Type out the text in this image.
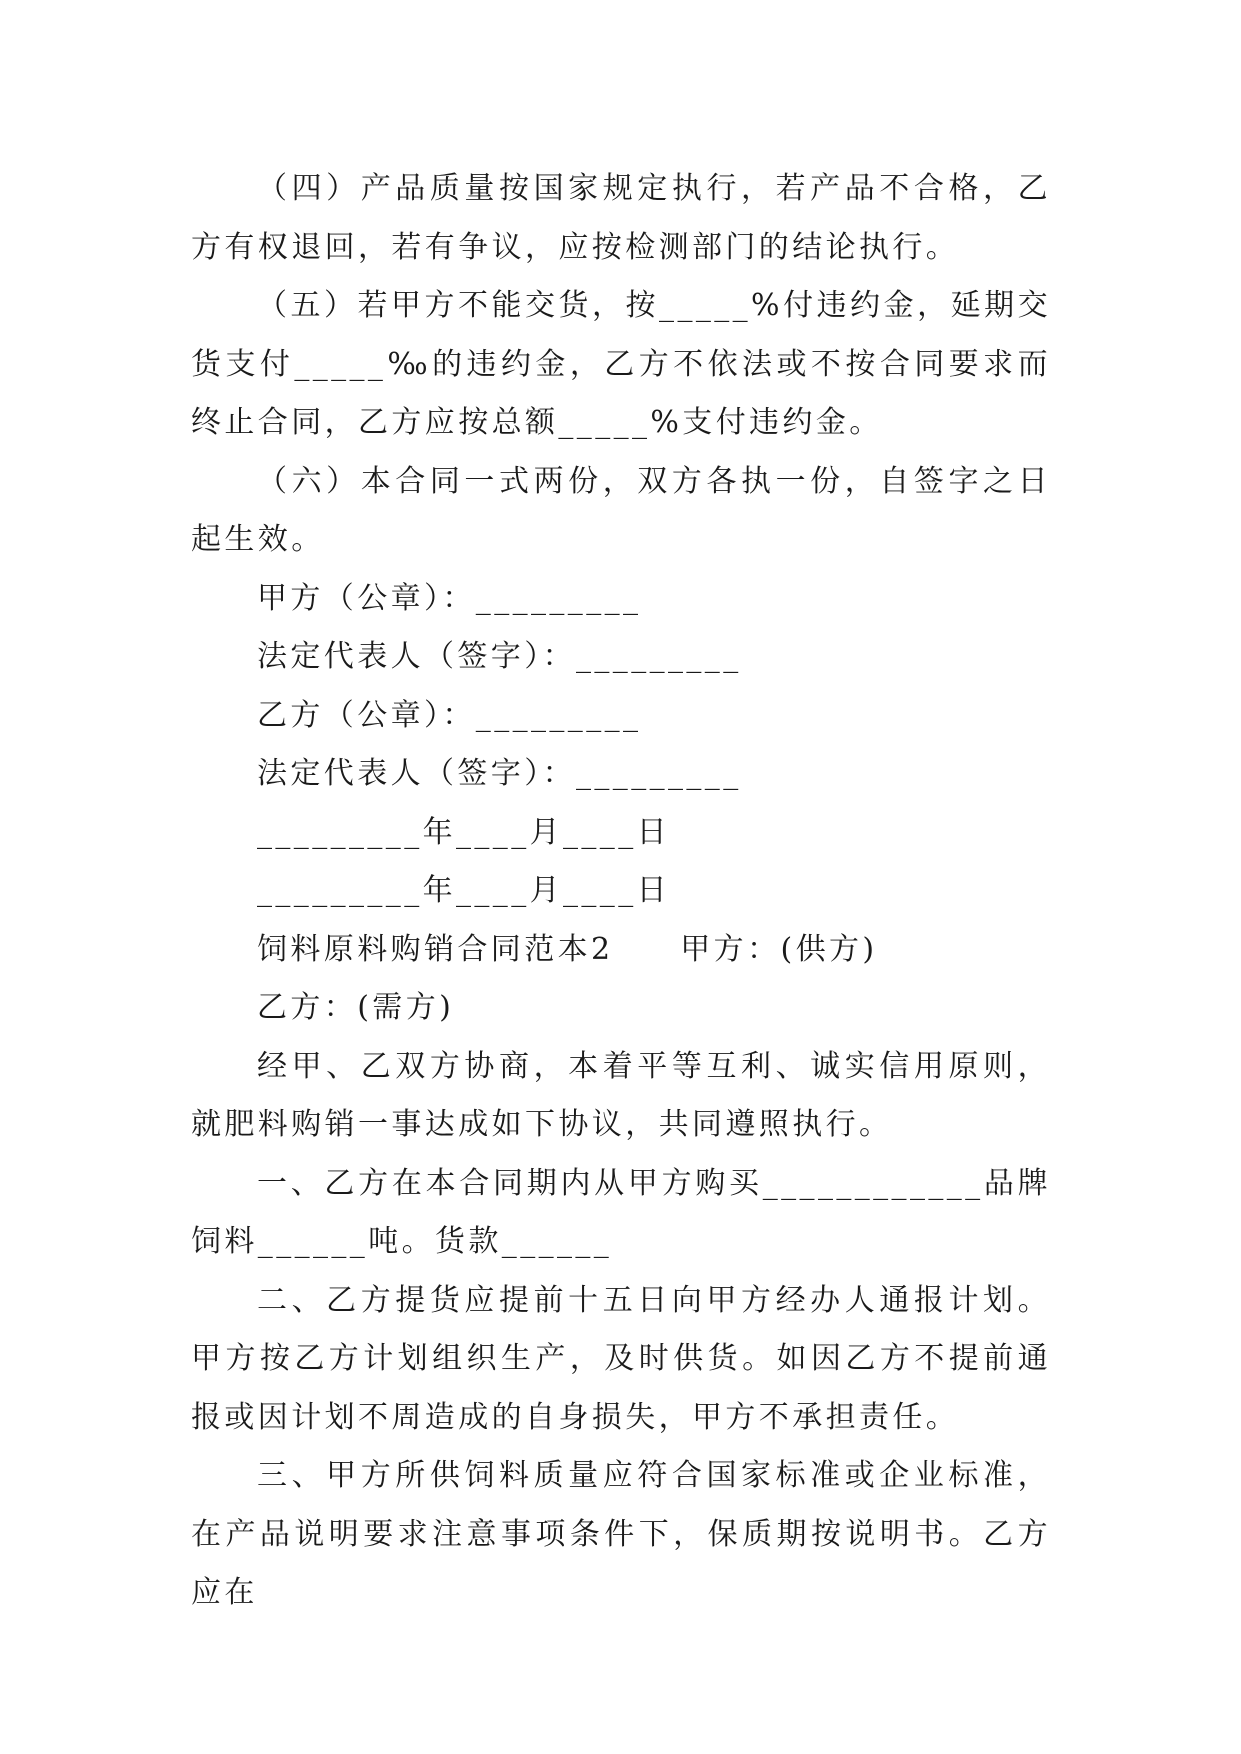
（四）产品质量按国家规定执行，若产品不合格，乙方有权退回，若有争议，应按检测部门的结论执行。

（五）若甲方不能交货，按_____%付违约金，延期交货支付_____‰的违约金，乙方不依法或不按合同要求而终止合同，乙方应按总额_____%支付违约金。

（六）本合同一式两份，双方各执一份，自签字之日起生效。

甲方（公章）：_________

法定代表人（签字）：_________

乙方（公章）：_________

法定代表人（签字）：_________

_________年____月____日

_________年____月____日

饲料原料购销合同范本2　　甲方：(供方)

乙方：(需方)

经甲、乙双方协商，本着平等互利、诚实信用原则，就肥料购销一事达成如下协议，共同遵照执行。

一、乙方在本合同期内从甲方购买____________品牌饲料______吨。货款______

二、乙方提货应提前十五日向甲方经办人通报计划。甲方按乙方计划组织生产，及时供货。如因乙方不提前通报或因计划不周造成的自身损失，甲方不承担责任。

三、甲方所供饲料质量应符合国家标准或企业标准，在产品说明要求注意事项条件下，保质期按说明书。乙方应在
